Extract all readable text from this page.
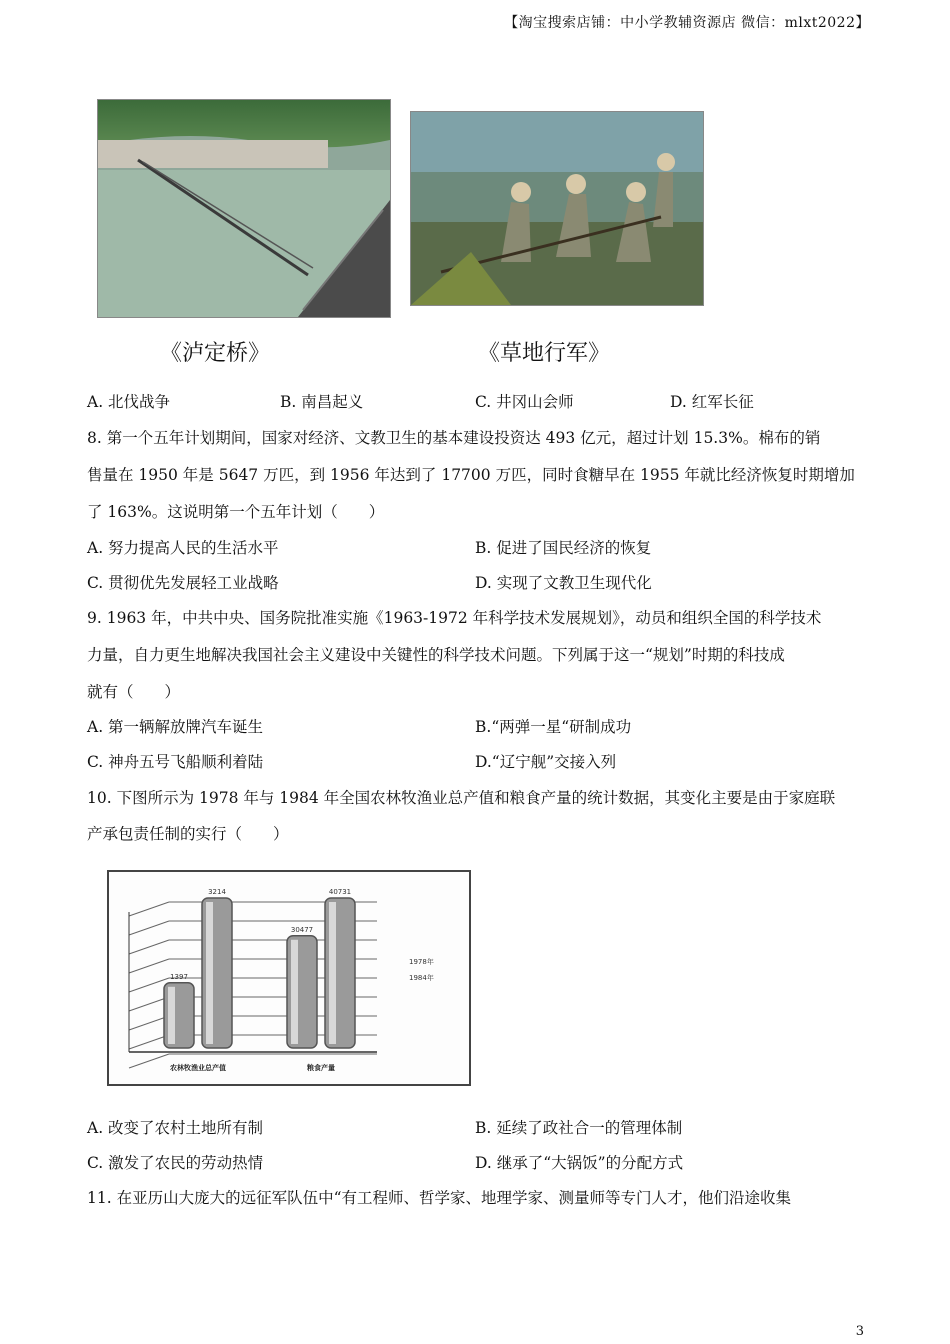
【淘宝搜索店铺：中小学教辅资源店 微信：mlxt2022】
《泸定桥》	《草地行军》
A. 北伐战争	B. 南昌起义	C. 井冈山会师	D. 红军长征
8. 第一个五年计划期间，国家对经济、文教卫生的基本建设投资达 493 亿元，超过计划 15.3%。棉布的销
售量在 1950 年是 5647 万匹，到 1956 年达到了 17700 万匹，同时食糖早在 1955 年就比经济恢复时期增加
了 163%。这说明第一个五年计划（　　）
A. 努力提高人民的生活水平	B. 促进了国民经济的恢复
C. 贯彻优先发展轻工业战略	D. 实现了文教卫生现代化
9. 1963 年，中共中央、国务院批准实施《1963-1972 年科学技术发展规划》，动员和组织全国的科学技术
力量，自力更生地解决我国社会主义建设中关键性的科学技术问题。下列属于这一“规划”时期的科技成
就有（　　）
A. 第一辆解放牌汽车诞生	B.“两弹一星“研制成功
C. 神舟五号飞船顺利着陆	D.“辽宁舰”交接入列
10. 下图所示为 1978 年与 1984 年全国农林牧渔业总产值和粮食产量的统计数据，其变化主要是由于家庭联
产承包责任制的实行（　　）
1397
3214
农林牧渔业总产值
30477
40731
粮食产量
1978年
1984年
A. 改变了农村土地所有制	B. 延续了政社合一的管理体制
C. 激发了农民的劳动热情	D. 继承了“大锅饭”的分配方式
11. 在亚历山大庞大的远征军队伍中“有工程师、哲学家、地理学家、测量师等专门人才，他们沿途收集
3
